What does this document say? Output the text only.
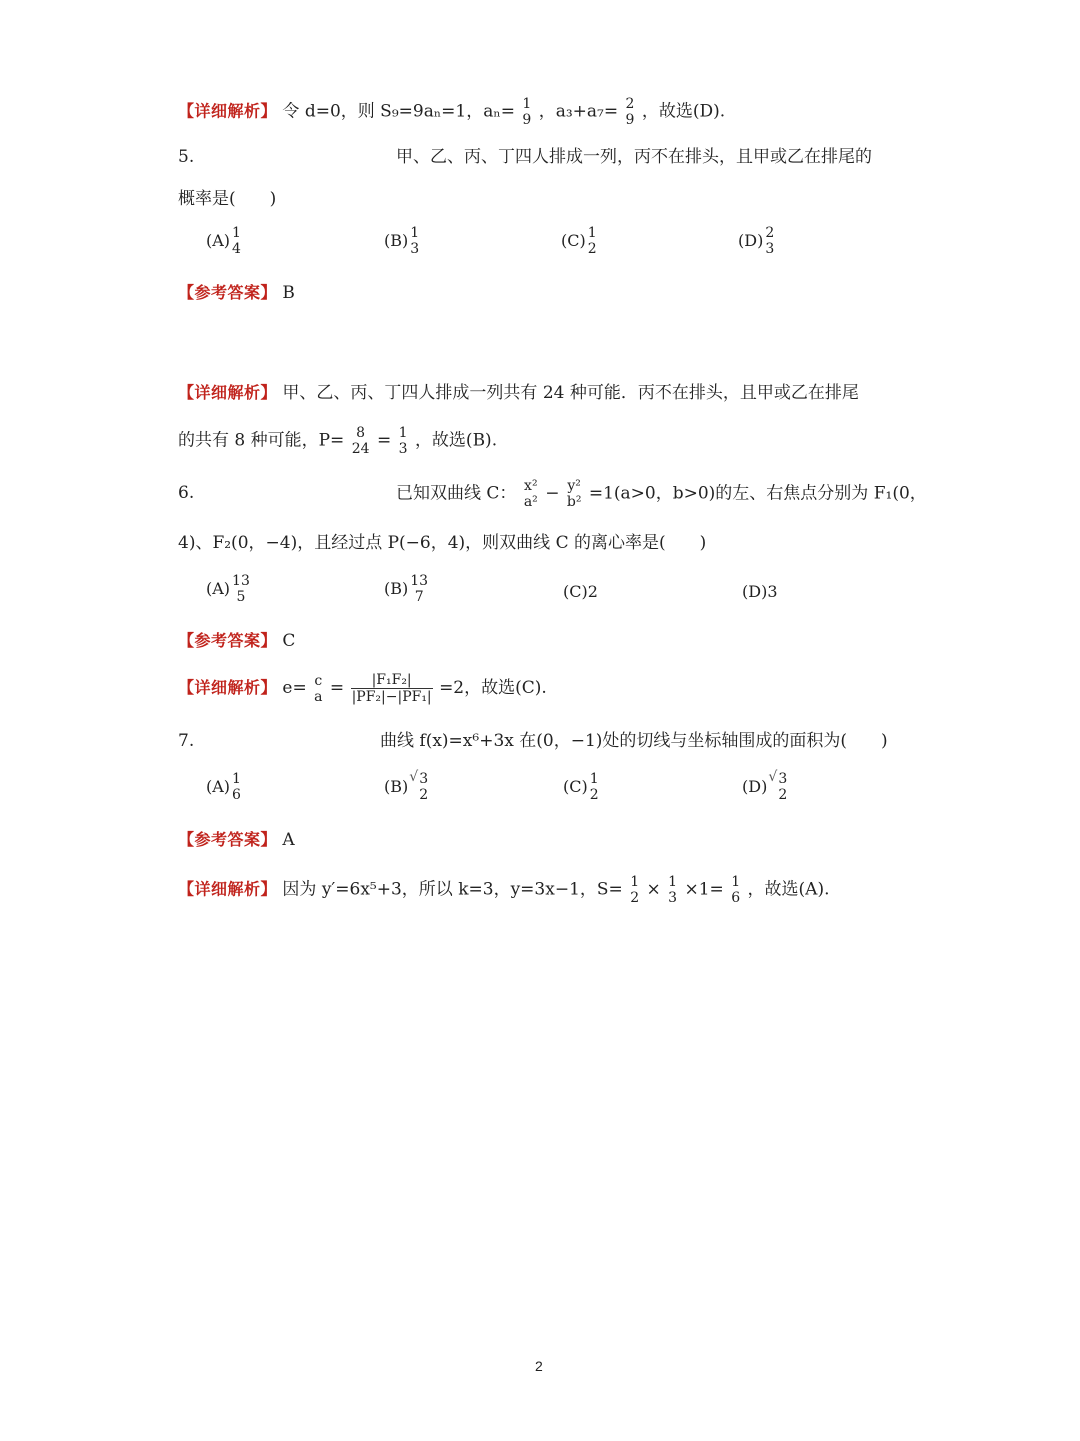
【详细解析】 令 d=0，则 S₉=9aₙ=1，aₙ= 1
9 ，a₃+a₇= 2
9 ，故选(D).
5.	甲、乙、丙、丁四人排成一列，丙不在排头，且甲或乙在排尾的
概率是(　　)
(A) 1
4	(B) 1
3	(C) 1
2	(D) 2
3
【参考答案】 B
【详细解析】 甲、乙、丙、丁四人排成一列共有 24 种可能．丙不在排头，且甲或乙在排尾
的共有 8 种可能，P= 8
24 = 1
3 ，故选(B).
6.	已知双曲线 C： x²
a² − y²
b² =1(a>0，b>0)的左、右焦点分别为 F₁(0，
4)、F₂(0，−4)，且经过点 P(−6，4)，则双曲线 C 的离心率是(　　)
(A) 13
5	(B) 13
7	(C)2	(D)3
【参考答案】 C
【详细解析】 e= c
$a = \frac{\text{|F₁F₂|}}{\text{|PF₂|−|PF₁|}} =2$，故选(C).
7.	曲线 f(x)=x⁶+3x 在(0，−1)处的切线与坐标轴围成的面积为(　　)
(A) 1
6	(B) √ 3
2	(C) 1
2	(D) √ 3
2
【参考答案】 A
【详细解析】 因为 y′=6x⁵+3，所以 k=3，y=3x−1，S= 1
2 × 1
3 ×1= 1
6 ，故选(A).
2
